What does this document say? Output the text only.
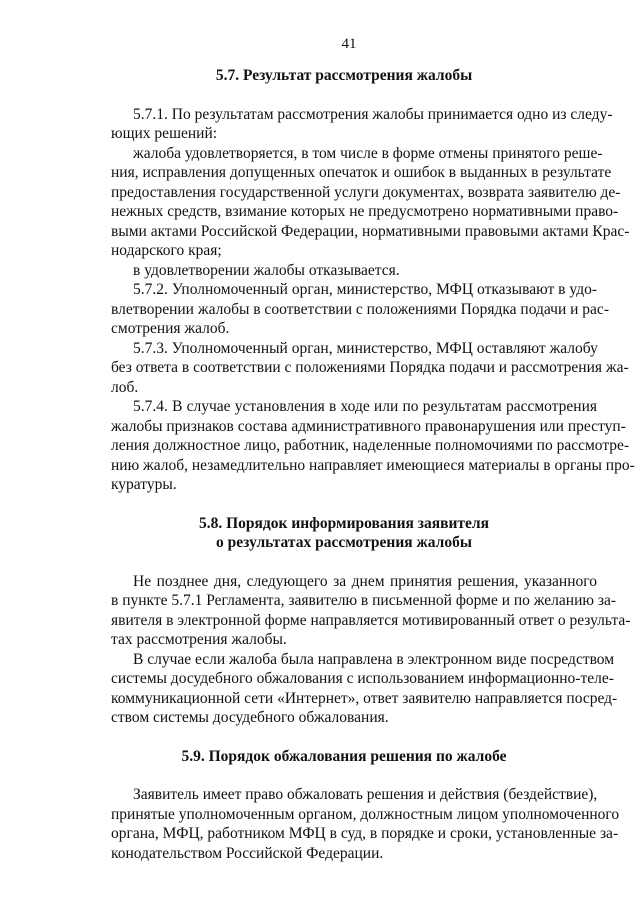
41
5.7. Результат рассмотрения жалобы

5.7.1. По результатам рассмотрения жалобы принимается одно из следу-
ющих решений:

жалоба удовлетворяется, в том числе в форме отмены принятого реше-
ния, исправления допущенных опечаток и ошибок в выданных в результате
предоставления государственной услуги документах, возврата заявителю де-
нежных средств, взимание которых не предусмотрено нормативными право-
выми актами Российской Федерации, нормативными правовыми актами Крас-
нодарского края;

в удовлетворении жалобы отказывается.

5.7.2. Уполномоченный орган, министерство, МФЦ отказывают в удо-
влетворении жалобы в соответствии с положениями Порядка подачи и рас-
смотрения жалоб.

5.7.3. Уполномоченный орган, министерство, МФЦ оставляют жалобу
без ответа в соответствии с положениями Порядка подачи и рассмотрения жа-
лоб.

5.7.4. В случае установления в ходе или по результатам рассмотрения
жалобы признаков состава административного правонарушения или преступ-
ления должностное лицо, работник, наделенные полномочиями по рассмотре-
нию жалоб, незамедлительно направляет имеющиеся материалы в органы про-
куратуры.

5.8. Порядок информирования заявителя
о результатах рассмотрения жалобы

Не позднее дня, следующего за днем принятия решения, указанного
в пункте 5.7.1 Регламента, заявителю в письменной форме и по желанию за-
явителя в электронной форме направляется мотивированный ответ о результа-
тах рассмотрения жалобы.

В случае если жалоба была направлена в электронном виде посредством
системы досудебного обжалования с использованием информационно-теле-
коммуникационной сети «Интернет», ответ заявителю направляется посред-
ством системы досудебного обжалования.

5.9. Порядок обжалования решения по жалобе

Заявитель имеет право обжаловать решения и действия (бездействие),
принятые уполномоченным органом, должностным лицом уполномоченного
органа, МФЦ, работником МФЦ в суд, в порядке и сроки, установленные за-
конодательством Российской Федерации.
